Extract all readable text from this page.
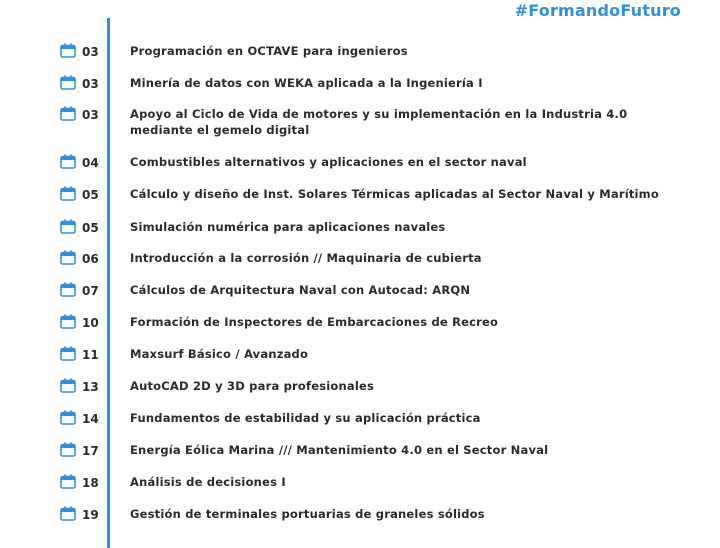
#FormandoFuturo
03	Programación en OCTAVE para ingenieros
03	Minería de datos con WEKA aplicada a la Ingeniería I
03	Apoyo al Ciclo de Vida de motores y su implementación en la Industria 4.0 mediante el gemelo digital
04	Combustibles alternativos y aplicaciones en el sector naval
05	Cálculo y diseño de Inst. Solares Térmicas aplicadas al Sector Naval y Marítimo
05	Simulación numérica para aplicaciones navales
06	Introducción a la corrosión // Maquinaria de cubierta
07	Cálculos de Arquitectura Naval con Autocad: ARQN
10	Formación de Inspectores de Embarcaciones de Recreo
11	Maxsurf Básico / Avanzado
13	AutoCAD 2D y 3D para profesionales
14	Fundamentos de estabilidad y su aplicación práctica
17	Energía Eólica Marina /// Mantenimiento 4.0 en el Sector Naval
18	Análisis de decisiones I
19	Gestión de terminales portuarias de graneles sólidos
